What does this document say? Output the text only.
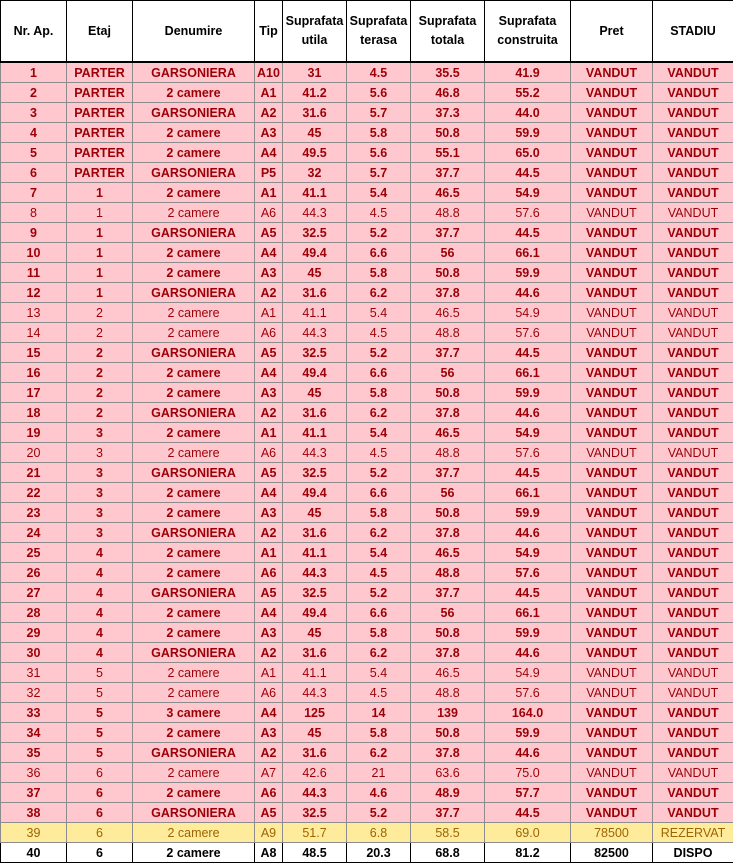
Nr. Ap.	Etaj	Denumire	Tip	Suprafata utila	Suprafata terasa	Suprafata totala	Suprafata construita	Pret	STADIU
1	PARTER	GARSONIERA	A10	31	4.5	35.5	41.9	VANDUT	VANDUT
2	PARTER	2 camere	A1	41.2	5.6	46.8	55.2	VANDUT	VANDUT
3	PARTER	GARSONIERA	A2	31.6	5.7	37.3	44.0	VANDUT	VANDUT
4	PARTER	2 camere	A3	45	5.8	50.8	59.9	VANDUT	VANDUT
5	PARTER	2 camere	A4	49.5	5.6	55.1	65.0	VANDUT	VANDUT
6	PARTER	GARSONIERA	P5	32	5.7	37.7	44.5	VANDUT	VANDUT
7	1	2 camere	A1	41.1	5.4	46.5	54.9	VANDUT	VANDUT
8	1	2 camere	A6	44.3	4.5	48.8	57.6	VANDUT	VANDUT
9	1	GARSONIERA	A5	32.5	5.2	37.7	44.5	VANDUT	VANDUT
10	1	2 camere	A4	49.4	6.6	56	66.1	VANDUT	VANDUT
11	1	2 camere	A3	45	5.8	50.8	59.9	VANDUT	VANDUT
12	1	GARSONIERA	A2	31.6	6.2	37.8	44.6	VANDUT	VANDUT
13	2	2 camere	A1	41.1	5.4	46.5	54.9	VANDUT	VANDUT
14	2	2 camere	A6	44.3	4.5	48.8	57.6	VANDUT	VANDUT
15	2	GARSONIERA	A5	32.5	5.2	37.7	44.5	VANDUT	VANDUT
16	2	2 camere	A4	49.4	6.6	56	66.1	VANDUT	VANDUT
17	2	2 camere	A3	45	5.8	50.8	59.9	VANDUT	VANDUT
18	2	GARSONIERA	A2	31.6	6.2	37.8	44.6	VANDUT	VANDUT
19	3	2 camere	A1	41.1	5.4	46.5	54.9	VANDUT	VANDUT
20	3	2 camere	A6	44.3	4.5	48.8	57.6	VANDUT	VANDUT
21	3	GARSONIERA	A5	32.5	5.2	37.7	44.5	VANDUT	VANDUT
22	3	2 camere	A4	49.4	6.6	56	66.1	VANDUT	VANDUT
23	3	2 camere	A3	45	5.8	50.8	59.9	VANDUT	VANDUT
24	3	GARSONIERA	A2	31.6	6.2	37.8	44.6	VANDUT	VANDUT
25	4	2 camere	A1	41.1	5.4	46.5	54.9	VANDUT	VANDUT
26	4	2 camere	A6	44.3	4.5	48.8	57.6	VANDUT	VANDUT
27	4	GARSONIERA	A5	32.5	5.2	37.7	44.5	VANDUT	VANDUT
28	4	2 camere	A4	49.4	6.6	56	66.1	VANDUT	VANDUT
29	4	2 camere	A3	45	5.8	50.8	59.9	VANDUT	VANDUT
30	4	GARSONIERA	A2	31.6	6.2	37.8	44.6	VANDUT	VANDUT
31	5	2 camere	A1	41.1	5.4	46.5	54.9	VANDUT	VANDUT
32	5	2 camere	A6	44.3	4.5	48.8	57.6	VANDUT	VANDUT
33	5	3 camere	A4	125	14	139	164.0	VANDUT	VANDUT
34	5	2 camere	A3	45	5.8	50.8	59.9	VANDUT	VANDUT
35	5	GARSONIERA	A2	31.6	6.2	37.8	44.6	VANDUT	VANDUT
36	6	2 camere	A7	42.6	21	63.6	75.0	VANDUT	VANDUT
37	6	2 camere	A6	44.3	4.6	48.9	57.7	VANDUT	VANDUT
38	6	GARSONIERA	A5	32.5	5.2	37.7	44.5	VANDUT	VANDUT
39	6	2 camere	A9	51.7	6.8	58.5	69.0	78500	REZERVAT
40	6	2 camere	A8	48.5	20.3	68.8	81.2	82500	DISPO
